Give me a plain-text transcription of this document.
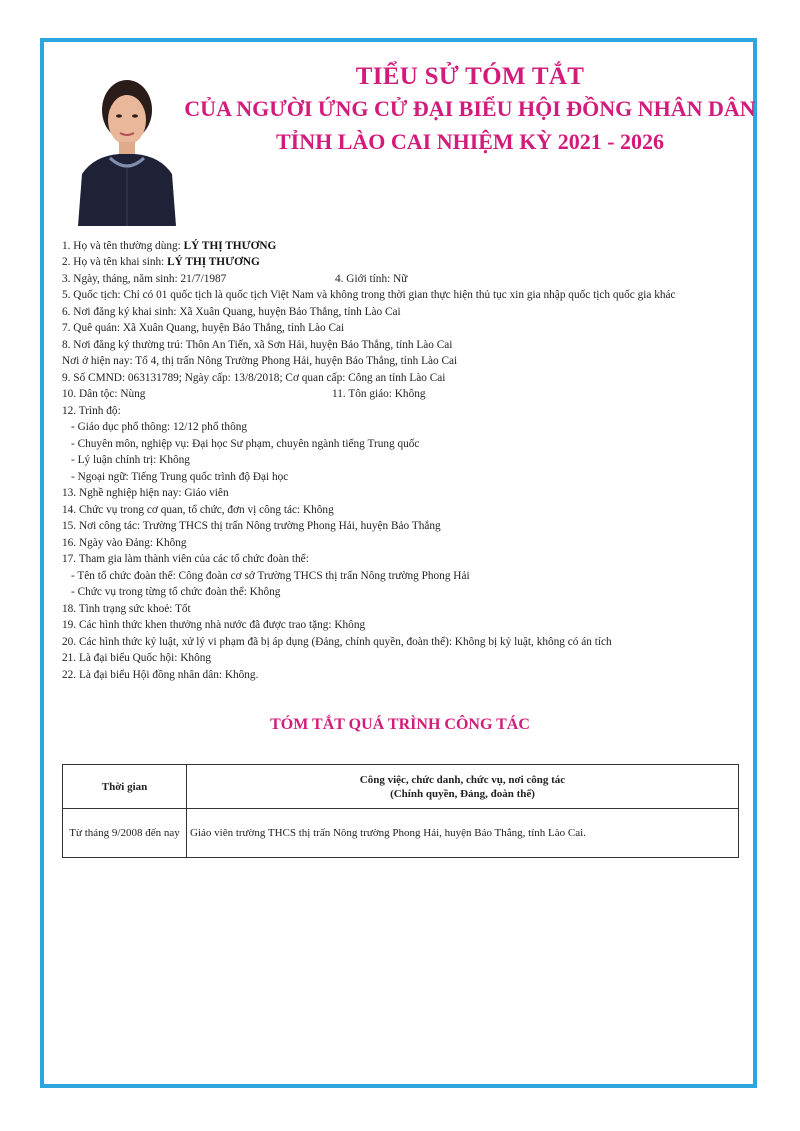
TIỂU SỬ TÓM TẮT
CỦA NGƯỜI ỨNG CỬ ĐẠI BIỂU HỘI ĐỒNG NHÂN DÂN
TỈNH LÀO CAI NHIỆM KỲ 2021 - 2026
1. Họ và tên thường dùng: LÝ THỊ THƯƠNG
2. Họ và tên khai sinh: LÝ THỊ THƯƠNG
3. Ngày, tháng, năm sinh: 21/7/1987	4. Giới tính: Nữ
5. Quốc tịch: Chỉ có 01 quốc tịch là quốc tịch Việt Nam và không trong thời gian thực hiện thủ tục xin gia nhập quốc tịch quốc gia khác
6. Nơi đăng ký khai sinh: Xã Xuân Quang, huyện Bảo Thắng, tỉnh Lào Cai
7. Quê quán: Xã Xuân Quang, huyện Bảo Thắng, tỉnh Lào Cai
8. Nơi đăng ký thường trú: Thôn An Tiến, xã Sơn Hải, huyện Bảo Thắng, tỉnh Lào Cai
Nơi ở hiện nay: Tổ 4, thị trấn Nông Trường Phong Hải, huyện Bảo Thắng, tỉnh Lào Cai
9. Số CMND: 063131789; Ngày cấp: 13/8/2018; Cơ quan cấp: Công an tỉnh Lào Cai
10. Dân tộc: Nùng	11. Tôn giáo: Không
12. Trình độ:
- Giáo dục phổ thông: 12/12 phổ thông
- Chuyên môn, nghiệp vụ: Đại học Sư phạm, chuyên ngành tiếng Trung quốc
- Lý luận chính trị: Không
- Ngoại ngữ: Tiếng Trung quốc trình độ Đại học
13. Nghề nghiệp hiện nay: Giáo viên
14. Chức vụ trong cơ quan, tổ chức, đơn vị công tác: Không
15. Nơi công tác: Trường THCS thị trấn Nông trường Phong Hải, huyện Bảo Thắng
16. Ngày vào Đảng: Không
17. Tham gia làm thành viên của các tổ chức đoàn thể:
- Tên tổ chức đoàn thể: Công đoàn cơ sở Trường THCS thị trấn Nông trường Phong Hải
- Chức vụ trong từng tổ chức đoàn thể: Không
18. Tình trạng sức khoẻ: Tốt
19. Các hình thức khen thưởng nhà nước đã được trao tặng: Không
20. Các hình thức kỷ luật, xử lý vi phạm đã bị áp dụng (Đảng, chính quyền, đoàn thể): Không bị kỷ luật, không có án tích
21. Là đại biểu Quốc hội: Không
22. Là đại biểu Hội đồng nhân dân: Không.
TÓM TẮT QUÁ TRÌNH CÔNG TÁC
Thời gian	Công việc, chức danh, chức vụ, nơi công tác
(Chính quyền, Đảng, đoàn thể)

Từ tháng 9/2008 đến nay	Giáo viên trường THCS thị trấn Nông trường Phong Hải, huyện Bảo Thắng, tỉnh Lào Cai.
